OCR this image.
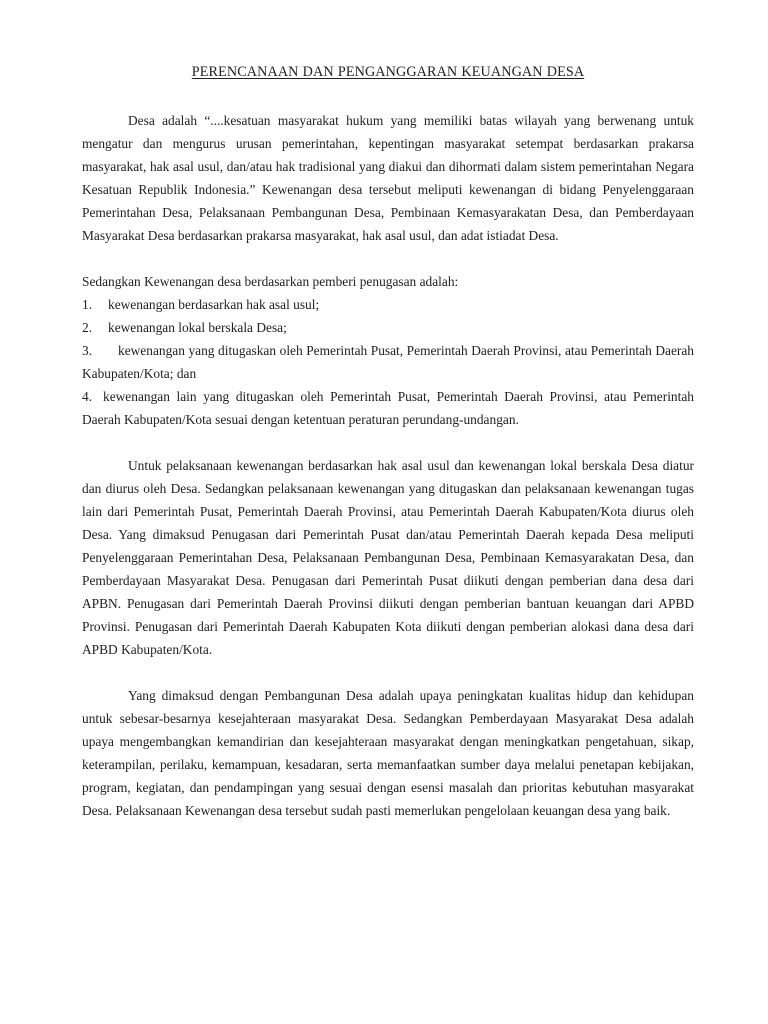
PERENCANAAN DAN PENGANGGARAN KEUANGAN DESA

Desa adalah “....kesatuan masyarakat hukum yang memiliki batas wilayah yang berwenang untuk mengatur dan mengurus urusan pemerintahan, kepentingan masyarakat setempat berdasarkan prakarsa masyarakat, hak asal usul, dan/atau hak tradisional yang diakui dan dihormati dalam sistem pemerintahan Negara Kesatuan Republik Indonesia.” Kewenangan desa tersebut meliputi kewenangan di bidang Penyelenggaraan Pemerintahan Desa, Pelaksanaan Pembangunan Desa, Pembinaan Kemasyarakatan Desa, dan Pemberdayaan Masyarakat Desa berdasarkan prakarsa masyarakat, hak asal usul, dan adat istiadat Desa.

Sedangkan Kewenangan desa berdasarkan pemberi penugasan adalah:
1. kewenangan berdasarkan hak asal usul;
2. kewenangan lokal berskala Desa;
3. kewenangan yang ditugaskan oleh Pemerintah Pusat, Pemerintah Daerah Provinsi, atau Pemerintah Daerah Kabupaten/Kota; dan
4. kewenangan lain yang ditugaskan oleh Pemerintah Pusat, Pemerintah Daerah Provinsi, atau Pemerintah Daerah Kabupaten/Kota sesuai dengan ketentuan peraturan perundang-undangan.

Untuk pelaksanaan kewenangan berdasarkan hak asal usul dan kewenangan lokal berskala Desa diatur dan diurus oleh Desa. Sedangkan pelaksanaan kewenangan yang ditugaskan dan pelaksanaan kewenangan tugas lain dari Pemerintah Pusat, Pemerintah Daerah Provinsi, atau Pemerintah Daerah Kabupaten/Kota diurus oleh Desa. Yang dimaksud Penugasan dari Pemerintah Pusat dan/atau Pemerintah Daerah kepada Desa meliputi Penyelenggaraan Pemerintahan Desa, Pelaksanaan Pembangunan Desa, Pembinaan Kemasyarakatan Desa, dan Pemberdayaan Masyarakat Desa. Penugasan dari Pemerintah Pusat diikuti dengan pemberian dana desa dari APBN. Penugasan dari Pemerintah Daerah Provinsi diikuti dengan pemberian bantuan keuangan dari APBD Provinsi. Penugasan dari Pemerintah Daerah Kabupaten Kota diikuti dengan pemberian alokasi dana desa dari APBD Kabupaten/Kota.

Yang dimaksud dengan Pembangunan Desa adalah upaya peningkatan kualitas hidup dan kehidupan untuk sebesar-besarnya kesejahteraan masyarakat Desa. Sedangkan Pemberdayaan Masyarakat Desa adalah upaya mengembangkan kemandirian dan kesejahteraan masyarakat dengan meningkatkan pengetahuan, sikap, keterampilan, perilaku, kemampuan, kesadaran, serta memanfaatkan sumber daya melalui penetapan kebijakan, program, kegiatan, dan pendampingan yang sesuai dengan esensi masalah dan prioritas kebutuhan masyarakat Desa. Pelaksanaan Kewenangan desa tersebut sudah pasti memerlukan pengelolaan keuangan desa yang baik.
